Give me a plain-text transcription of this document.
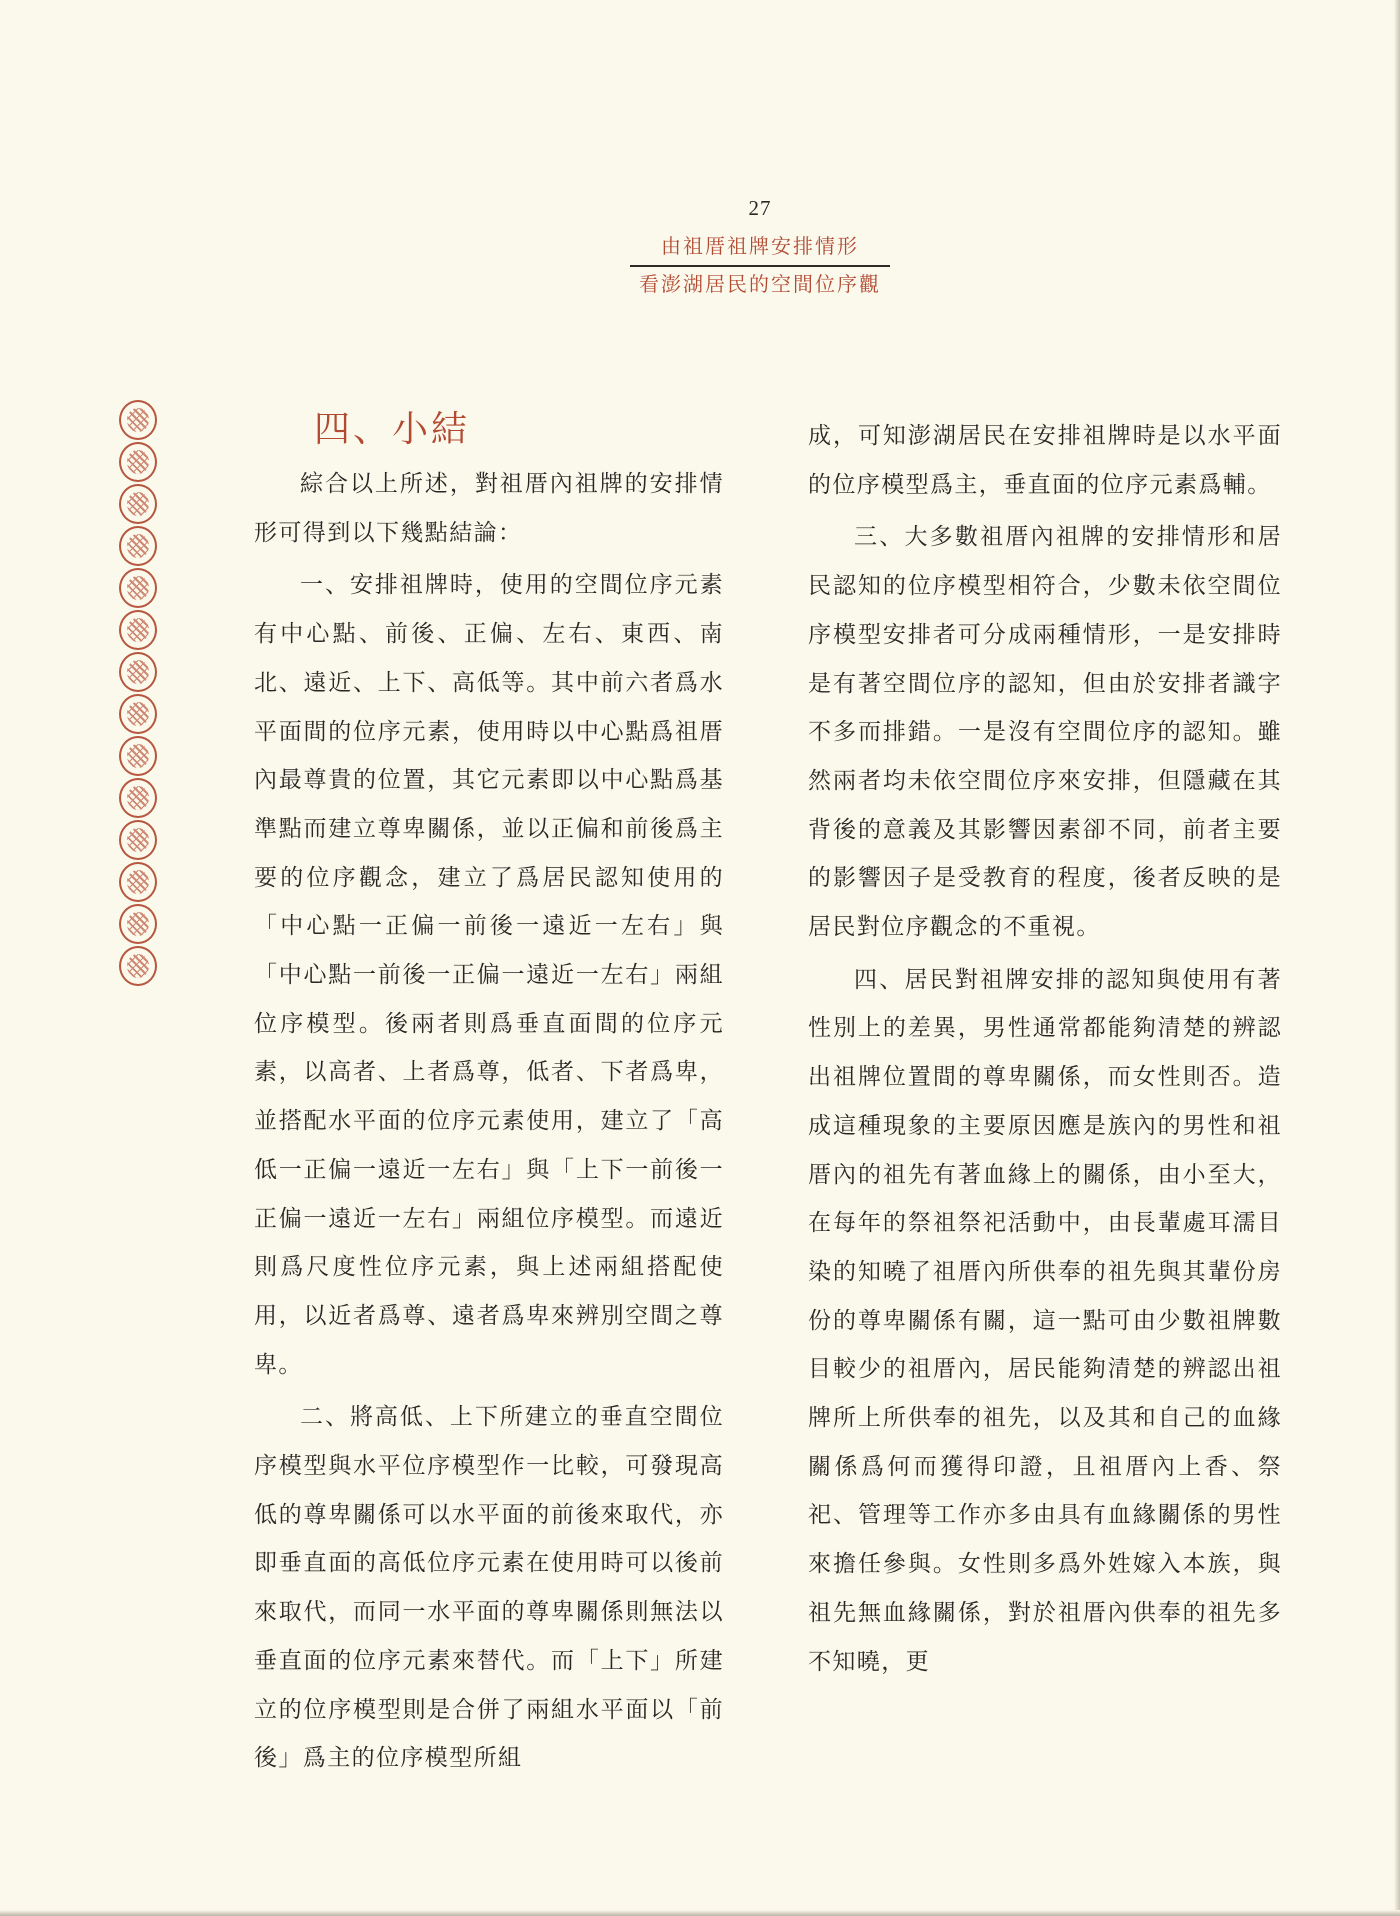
27
由祖厝祖牌安排情形
看澎湖居民的空間位序觀
四、小結

綜合以上所述，對祖厝內祖牌的安排情形可得到以下幾點結論：

一、安排祖牌時，使用的空間位序元素有中心點、前後、正偏、左右、東西、南北、遠近、上下、高低等。其中前六者爲水平面間的位序元素，使用時以中心點爲祖厝內最尊貴的位置，其它元素即以中心點爲基準點而建立尊卑關係，並以正偏和前後爲主要的位序觀念，建立了爲居民認知使用的「中心點一正偏一前後一遠近一左右」與「中心點一前後一正偏一遠近一左右」兩組位序模型。後兩者則爲垂直面間的位序元素，以高者、上者爲尊，低者、下者爲卑，並搭配水平面的位序元素使用，建立了「高低一正偏一遠近一左右」與「上下一前後一正偏一遠近一左右」兩組位序模型。而遠近則爲尺度性位序元素，與上述兩組搭配使用，以近者爲尊、遠者爲卑來辨別空間之尊卑。

二、將高低、上下所建立的垂直空間位序模型與水平位序模型作一比較，可發現高低的尊卑關係可以水平面的前後來取代，亦即垂直面的高低位序元素在使用時可以後前來取代，而同一水平面的尊卑關係則無法以垂直面的位序元素來替代。而「上下」所建立的位序模型則是合併了兩組水平面以「前後」爲主的位序模型所組

成，可知澎湖居民在安排祖牌時是以水平面的位序模型爲主，垂直面的位序元素爲輔。

三、大多數祖厝內祖牌的安排情形和居民認知的位序模型相符合，少數未依空間位序模型安排者可分成兩種情形，一是安排時是有著空間位序的認知，但由於安排者識字不多而排錯。一是沒有空間位序的認知。雖然兩者均未依空間位序來安排，但隱藏在其背後的意義及其影響因素卻不同，前者主要的影響因子是受教育的程度，後者反映的是居民對位序觀念的不重視。

四、居民對祖牌安排的認知與使用有著性別上的差異，男性通常都能夠清楚的辨認出祖牌位置間的尊卑關係，而女性則否。造成這種現象的主要原因應是族內的男性和祖厝內的祖先有著血緣上的關係，由小至大，在每年的祭祖祭祀活動中，由長輩處耳濡目染的知曉了祖厝內所供奉的祖先與其輩份房份的尊卑關係有關，這一點可由少數祖牌數目較少的祖厝內，居民能夠清楚的辨認出祖牌所上所供奉的祖先，以及其和自己的血緣關係爲何而獲得印證，且祖厝內上香、祭祀、管理等工作亦多由具有血緣關係的男性來擔任參與。女性則多爲外姓嫁入本族，與祖先無血緣關係，對於祖厝內供奉的祖先多不知曉，更
